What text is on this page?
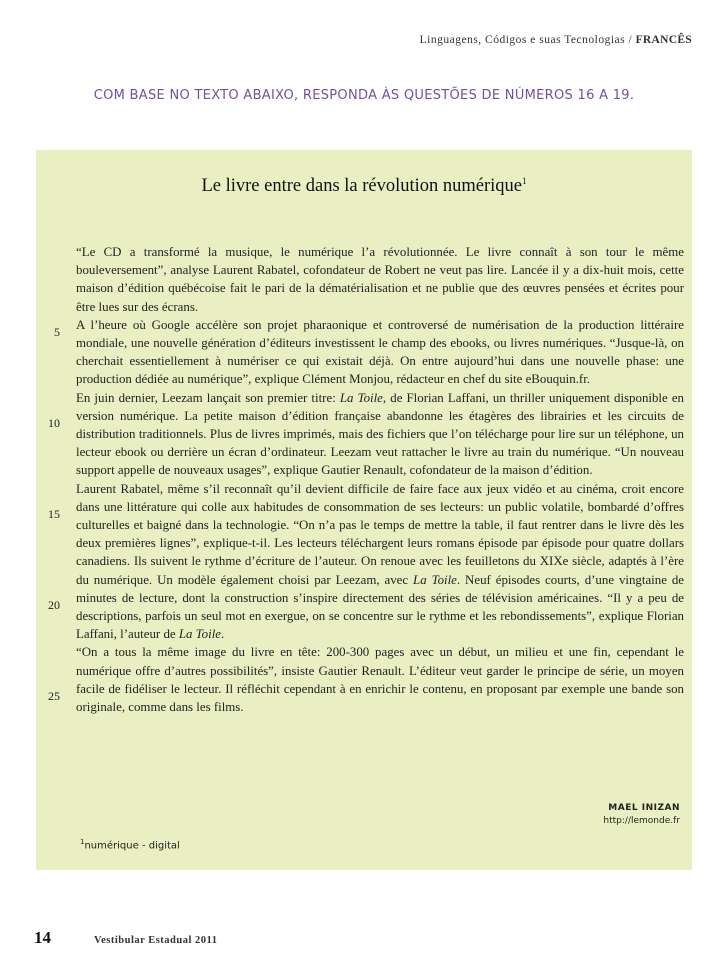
Linguagens, Códigos e suas Tecnologias / FRANCÊS
COM BASE NO TEXTO ABAIXO, RESPONDA ÀS QUESTÕES DE NÚMEROS 16 A 19.
Le livre entre dans la révolution numérique$^1$

“Le CD a transformé la musique, le numérique l’a révolutionnée. Le livre connaît à son tour le même bouleversement”, analyse Laurent Rabatel, cofondateur de Robert ne veut pas lire. Lancée il y a dix-huit mois, cette maison d’édition québécoise fait le pari de la dématérialisation et ne publie que des œuvres pensées et écrites pour être lues sur des écrans.

A l’heure où Google accélère son projet pharaonique et controversé de numérisation de la production littéraire mondiale, une nouvelle génération d’éditeurs investissent le champ des ebooks, ou livres numériques. “Jusque-là, on cherchait essentiellement à numériser ce qui existait déjà. On entre aujourd’hui dans une nouvelle phase: une production dédiée au numérique”, explique Clément Monjou, rédacteur en chef du site eBouquin.fr.

En juin dernier, Leezam lançait son premier titre: La Toile, de Florian Laffani, un thriller uniquement disponible en version numérique. La petite maison d’édition française abandonne les étagères des librairies et les circuits de distribution traditionnels. Plus de livres imprimés, mais des fichiers que l’on télécharge pour lire sur un téléphone, un lecteur ebook ou derrière un écran d’ordinateur. Leezam veut rattacher le livre au train du numérique. “Un nouveau support appelle de nouveaux usages”, explique Gautier Renault, cofondateur de la maison d’édition.

Laurent Rabatel, même s’il reconnaît qu’il devient difficile de faire face aux jeux vidéo et au cinéma, croit encore dans une littérature qui colle aux habitudes de consommation de ses lecteurs: un public volatile, bombardé d’offres culturelles et baigné dans la technologie. “On n’a pas le temps de mettre la table, il faut rentrer dans le livre dès les deux premières lignes”, explique-t-il. Les lecteurs téléchargent leurs romans épisode par épisode pour quatre dollars canadiens. Ils suivent le rythme d’écriture de l’auteur. On renoue avec les feuilletons du XIXe siècle, adaptés à l’ère du numérique. Un modèle également choisi par Leezam, avec La Toile. Neuf épisodes courts, d’une vingtaine de minutes de lecture, dont la construction s’inspire directement des séries de télévision américaines. “Il y a peu de descriptions, parfois un seul mot en exergue, on se concentre sur le rythme et les rebondissements”, explique Florian Laffani, l’auteur de La Toile.

“On a tous la même image du livre en tête: 200-300 pages avec un début, un milieu et une fin, cependant le numérique offre d’autres possibilités”, insiste Gautier Renault. L’éditeur veut garder le principe de série, un moyen facile de fidéliser le lecteur. Il réfléchit cependant à en enrichir le contenu, en proposant par exemple une bande son originale, comme dans les films.

5
10
15
20
25
MAEL INIZAN
http://lemonde.fr
$^1$numérique - digital
14	Vestibular Estadual 2011
